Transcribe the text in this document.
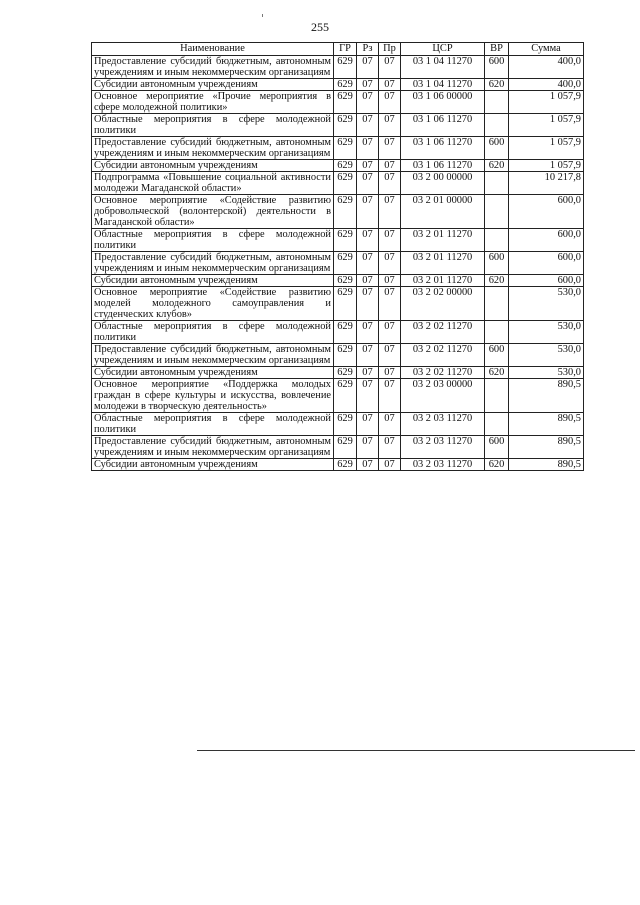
255
Наименование	ГР	Рз	Пр	ЦСР	ВР	Сумма
Предоставление субсидий бюджетным, автономным учреждениям и иным некоммерческим организациям	629	07	07	03 1 04 11270	600	400,0
Субсидии автономным учреждениям	629	07	07	03 1 04 11270	620	400,0
Основное мероприятие «Прочие мероприятия в сфере молодежной политики»	629	07	07	03 1 06 00000		1 057,9
Областные мероприятия в сфере молодежной политики	629	07	07	03 1 06 11270		1 057,9
Предоставление субсидий бюджетным, автономным учреждениям и иным некоммерческим организациям	629	07	07	03 1 06 11270	600	1 057,9
Субсидии автономным учреждениям	629	07	07	03 1 06 11270	620	1 057,9
Подпрограмма «Повышение социальной активности молодежи Магаданской области»	629	07	07	03 2 00 00000		10 217,8
Основное мероприятие «Содействие развитию добровольческой (волонтерской) деятельности в Магаданской области»	629	07	07	03 2 01 00000		600,0
Областные мероприятия в сфере молодежной политики	629	07	07	03 2 01 11270		600,0
Предоставление субсидий бюджетным, автономным учреждениям и иным некоммерческим организациям	629	07	07	03 2 01 11270	600	600,0
Субсидии автономным учреждениям	629	07	07	03 2 01 11270	620	600,0
Основное мероприятие «Содействие развитию моделей молодежного самоуправления и студенческих клубов»	629	07	07	03 2 02 00000		530,0
Областные мероприятия в сфере молодежной политики	629	07	07	03 2 02 11270		530,0
Предоставление субсидий бюджетным, автономным учреждениям и иным некоммерческим организациям	629	07	07	03 2 02 11270	600	530,0
Субсидии автономным учреждениям	629	07	07	03 2 02 11270	620	530,0
Основное мероприятие «Поддержка молодых граждан в сфере культуры и искусства, вовлечение молодежи в творческую деятельность»	629	07	07	03 2 03 00000		890,5
Областные мероприятия в сфере молодежной политики	629	07	07	03 2 03 11270		890,5
Предоставление субсидий бюджетным, автономным учреждениям и иным некоммерческим организациям	629	07	07	03 2 03 11270	600	890,5
Субсидии автономным учреждениям	629	07	07	03 2 03 11270	620	890,5
